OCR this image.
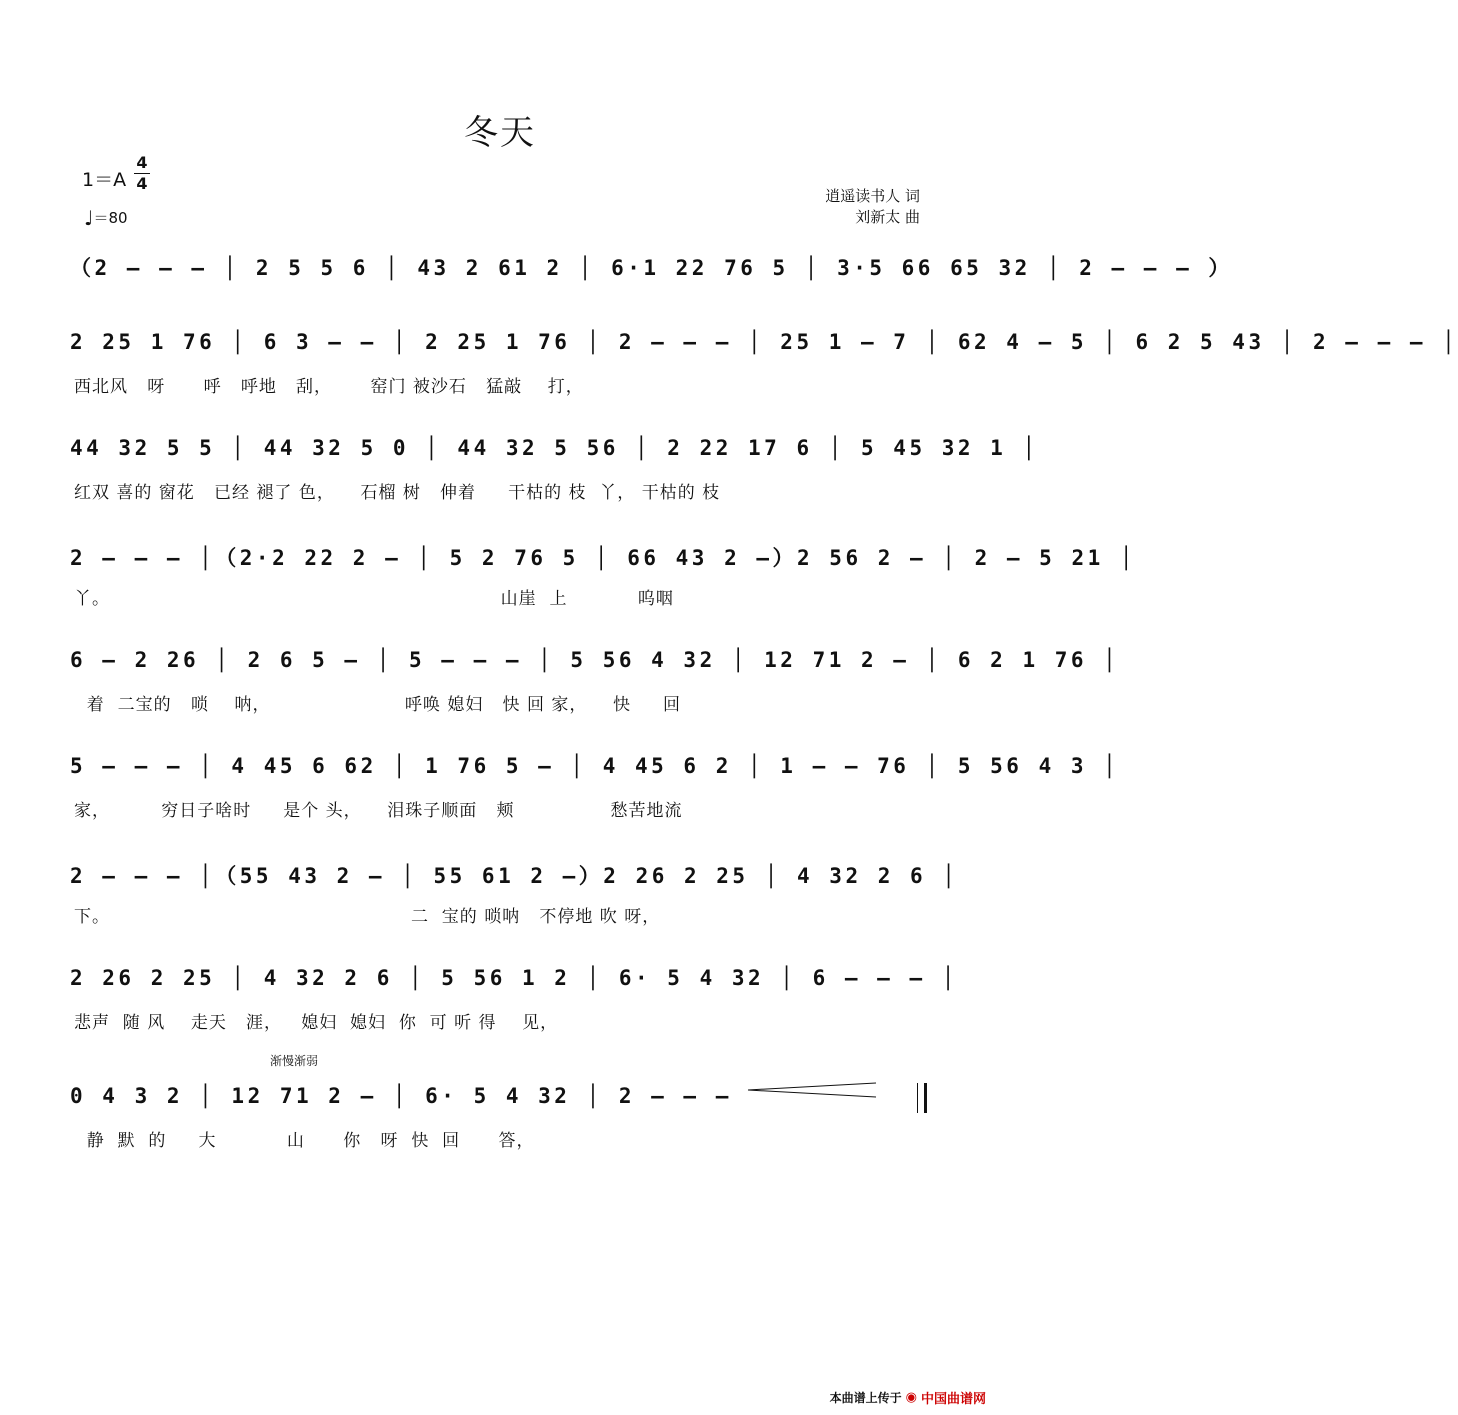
冬天
1＝A
4
4
♩＝80
逍遥读书人 词
刘新太 曲
（2 – – – │ 2 5 5 6 │ 43 2 61 2 │ 6·1 22 76 5 │ 3·5 66 65 32 │ 2 – – – ）
2 25 1 76 │ 6 3 – – │ 2 25 1 76 │ 2 – – – │ 25 1 – 7 │ 62 4 – 5 │ 6 2 5 43 │ 2 – – – │
西北风   呀      呼   呼地   刮，      窑门 被沙石   猛敲    打，
44 32 5 5 │ 44 32 5 0 │ 44 32 5 56 │ 2 22 17 6 │ 5 45 32 1 │
红双 喜的 窗花   已经 褪了 色，    石榴 树   伸着     干枯的 枝  丫， 干枯的 枝
2 – – – │（2·2 22 2 – │ 5 2 76 5 │ 66 43 2 –）2 56 2 – │ 2 – 5 21 │
丫。                                                             山崖  上           呜咽
6 – 2 26 │ 2 6 5 – │ 5 – – – │ 5 56 4 32 │ 12 71 2 – │ 6 2 1 76 │
着  二宝的   唢    呐，                     呼唤 媳妇   快 回 家，    快     回
5 – – – │ 4 45 6 62 │ 1 76 5 – │ 4 45 6 2 │ 1 – – 76 │ 5 56 4 3 │
家，        穷日子啥时     是个 头，    泪珠子顺面   颊               愁苦地流
2 – – – │（55 43 2 – │ 55 61 2 –）2 26 2 25 │ 4 32 2 6 │
下。                                               二  宝的 唢呐   不停地 吹 呀，
2 26 2 25 │ 4 32 2 6 │ 5 56 1 2 │ 6· 5 4 32 │ 6 – – – │
悲声  随 风    走天   涯，   媳妇  媳妇  你  可 听 得    见，
渐慢渐弱
0 4 3 2 │ 12 71 2 – │ 6· 5 4 32 │ 2 – – –
静  默  的     大           山      你   呀  快  回      答，
本曲谱上传于 ◉ 中国曲谱网
